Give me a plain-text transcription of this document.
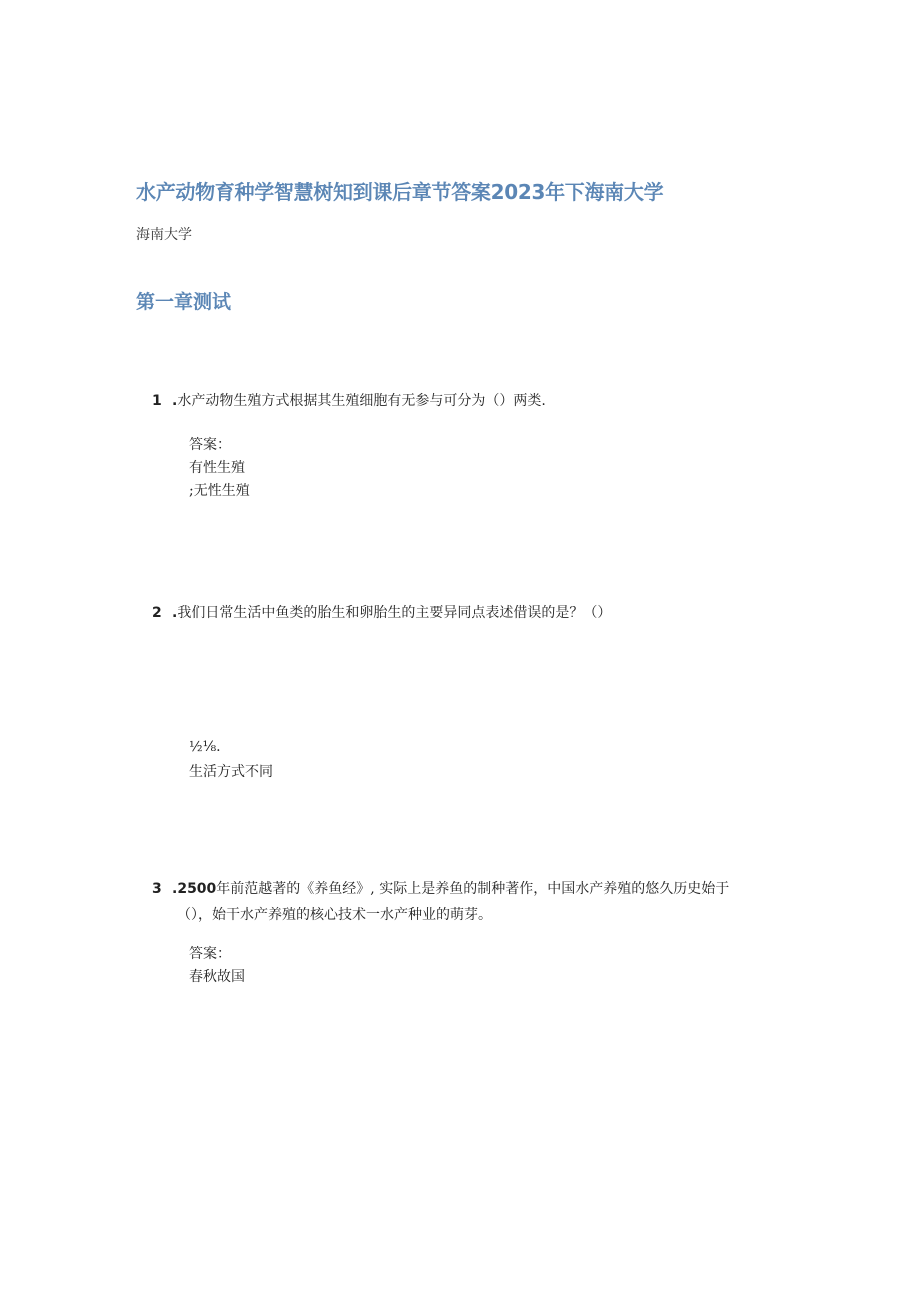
水产动物育种学智慧树知到课后章节答案2023年下海南大学

海南大学

第一章测试
1 .水产动物生殖方式根据其生殖细胞有无参与可分为（）两类.
答案：
有性生殖
;无性生殖
2 .我们日常生活中鱼类的胎生和卵胎生的主要异同点表述借误的是？（）
½⅛.
生活方式不同
3 .2500年前范越著的《养鱼经》, 实际上是养鱼的制种著作，中国水产养殖的悠久历史始于
（），始干水产养殖的核心技术一水产种业的萌芽。
答案：
春秋故国
